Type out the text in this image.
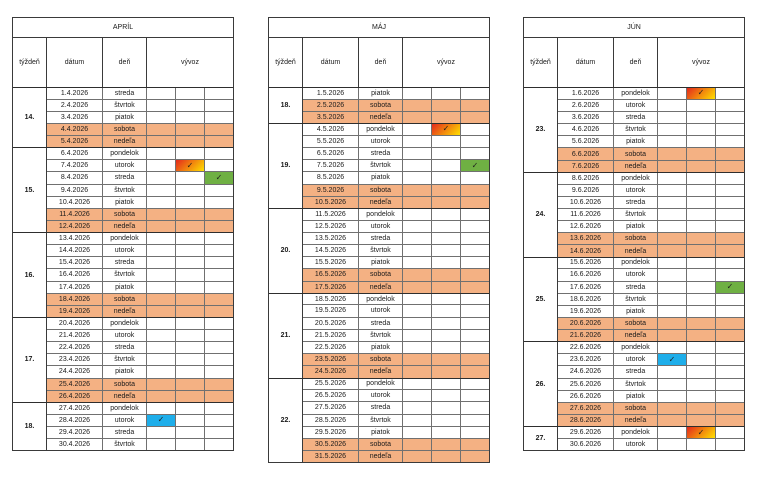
APRÍL
týždeň	dátum	deň	vývoz
14.
1.4.2026	streda
2.4.2026	štvrtok
3.4.2026	piatok
4.4.2026	sobota
5.4.2026	nedeľa
15.
6.4.2026	pondelok
7.4.2026	utorok	✓
8.4.2026	streda	✓
9.4.2026	štvrtok
10.4.2026	piatok
11.4.2026	sobota
12.4.2026	nedeľa
16.
13.4.2026	pondelok
14.4.2026	utorok
15.4.2026	streda
16.4.2026	štvrtok
17.4.2026	piatok
18.4.2026	sobota
19.4.2026	nedeľa
17.
20.4.2026	pondelok
21.4.2026	utorok
22.4.2026	streda
23.4.2026	štvrtok
24.4.2026	piatok
25.4.2026	sobota
26.4.2026	nedeľa
18.
27.4.2026	pondelok
28.4.2026	utorok	✓
29.4.2026	streda
30.4.2026	štvrtok
MÁJ
týždeň	dátum	deň	vývoz
18.
1.5.2026	piatok
2.5.2026	sobota
3.5.2026	nedeľa
19.
4.5.2026	pondelok	✓
5.5.2026	utorok
6.5.2026	streda
7.5.2026	štvrtok	✓
8.5.2026	piatok
9.5.2026	sobota
10.5.2026	nedeľa
20.
11.5.2026	pondelok
12.5.2026	utorok
13.5.2026	streda
14.5.2026	štvrtok
15.5.2026	piatok
16.5.2026	sobota
17.5.2026	nedeľa
21.
18.5.2026	pondelok
19.5.2026	utorok
20.5.2026	streda
21.5.2026	štvrtok
22.5.2026	piatok
23.5.2026	sobota
24.5.2026	nedeľa
22.
25.5.2026	pondelok
26.5.2026	utorok
27.5.2026	streda
28.5.2026	štvrtok
29.5.2026	piatok
30.5.2026	sobota
31.5.2026	nedeľa
JÚN
týždeň	dátum	deň	vývoz
23.
1.6.2026	pondelok	✓
2.6.2026	utorok
3.6.2026	streda
4.6.2026	štvrtok
5.6.2026	piatok
6.6.2026	sobota
7.6.2026	nedeľa
24.
8.6.2026	pondelok
9.6.2026	utorok
10.6.2026	streda
11.6.2026	štvrtok
12.6.2026	piatok
13.6.2026	sobota
14.6.2026	nedeľa
25.
15.6.2026	pondelok
16.6.2026	utorok
17.6.2026	streda	✓
18.6.2026	štvrtok
19.6.2026	piatok
20.6.2026	sobota
21.6.2026	nedeľa
26.
22.6.2026	pondelok
23.6.2026	utorok	✓
24.6.2026	streda
25.6.2026	štvrtok
26.6.2026	piatok
27.6.2026	sobota
28.6.2026	nedeľa
27.
29.6.2026	pondelok	✓
30.6.2026	utorok
